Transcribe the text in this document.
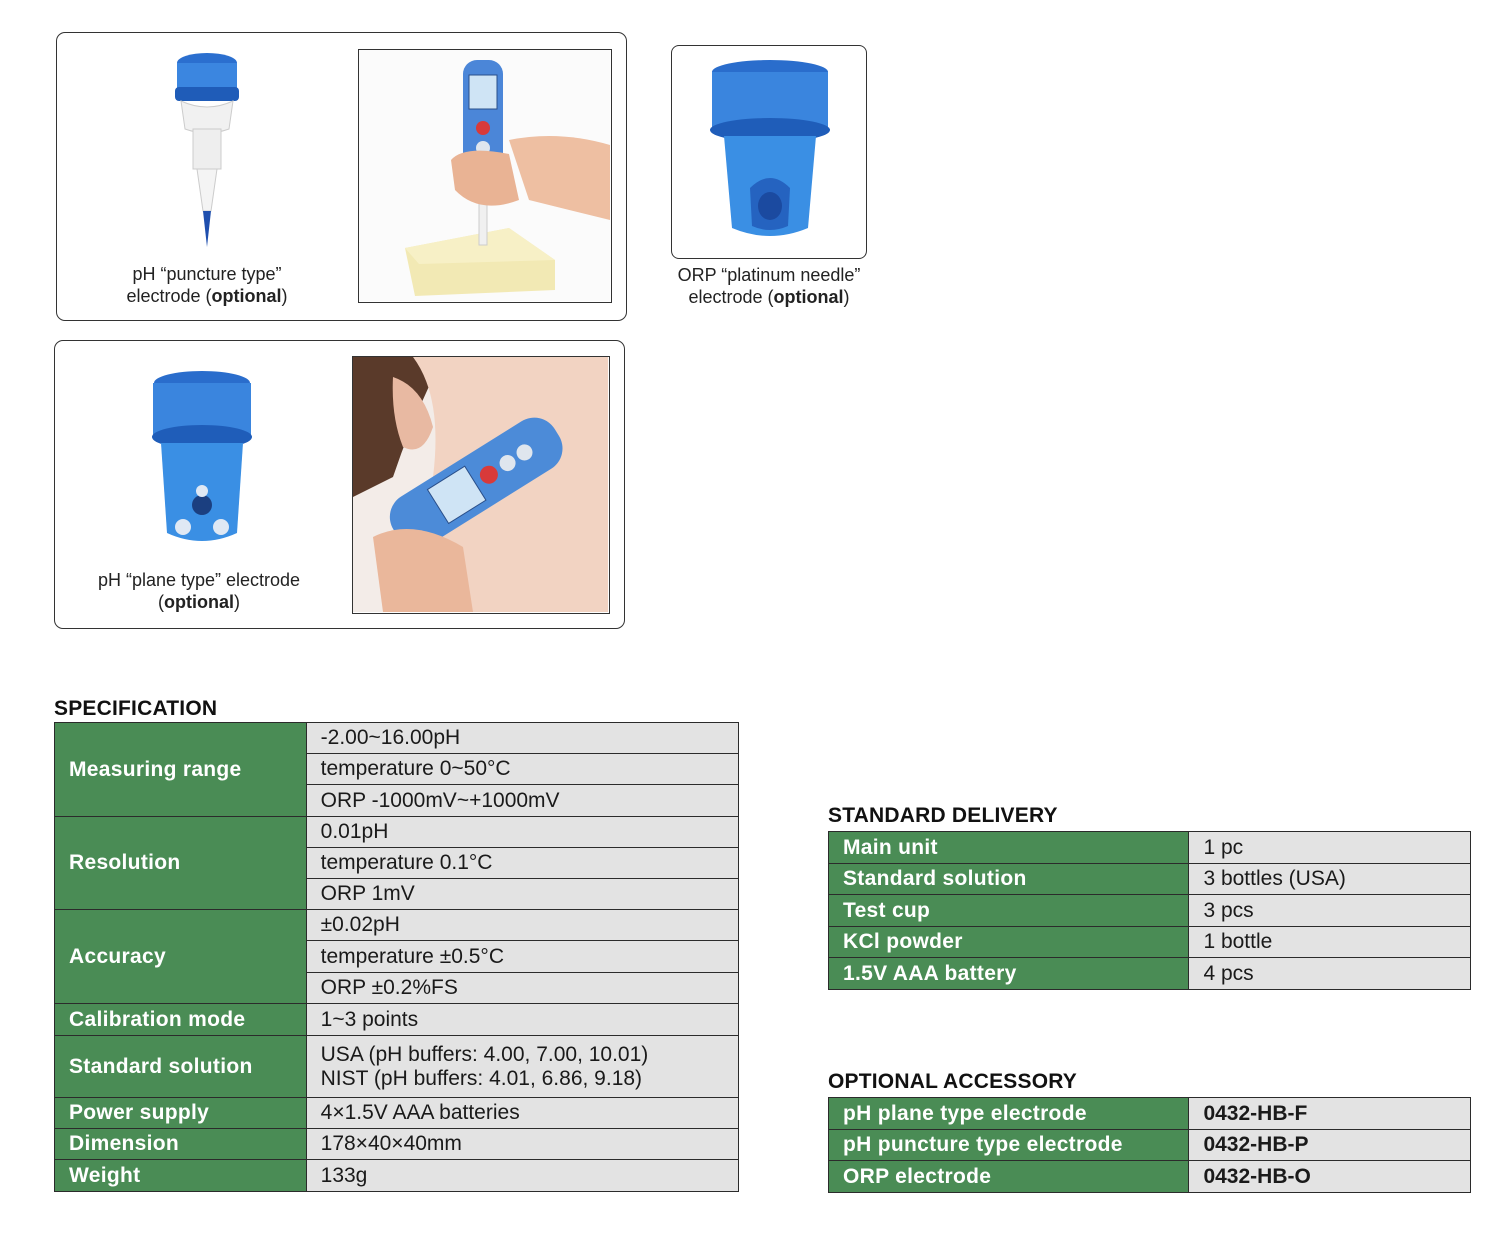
pH “puncture type”
electrode (optional)
ORP “platinum needle”
electrode (optional)
pH “plane type” electrode
(optional)
SPECIFICATION
Measuring range	-2.00~16.00pH
	temperature 0~50°C
	ORP -1000mV~+1000mV
Resolution	0.01pH
	temperature 0.1°C
	ORP 1mV
Accuracy	±0.02pH
	temperature ±0.5°C
	ORP ±0.2%FS
Calibration mode	1~3 points
Standard solution	USA (pH buffers: 4.00, 7.00, 10.01)
NIST (pH buffers: 4.01, 6.86, 9.18)

Power supply	4×1.5V AAA batteries
Dimension	178×40×40mm
Weight	133g
STANDARD DELIVERY
Main unit	1 pc
Standard solution	3 bottles (USA)
Test cup	3 pcs
KCl powder	1 bottle
1.5V AAA battery	4 pcs
OPTIONAL ACCESSORY
pH plane type electrode	0432-HB-F
pH puncture type electrode	0432-HB-P
ORP electrode	0432-HB-O
